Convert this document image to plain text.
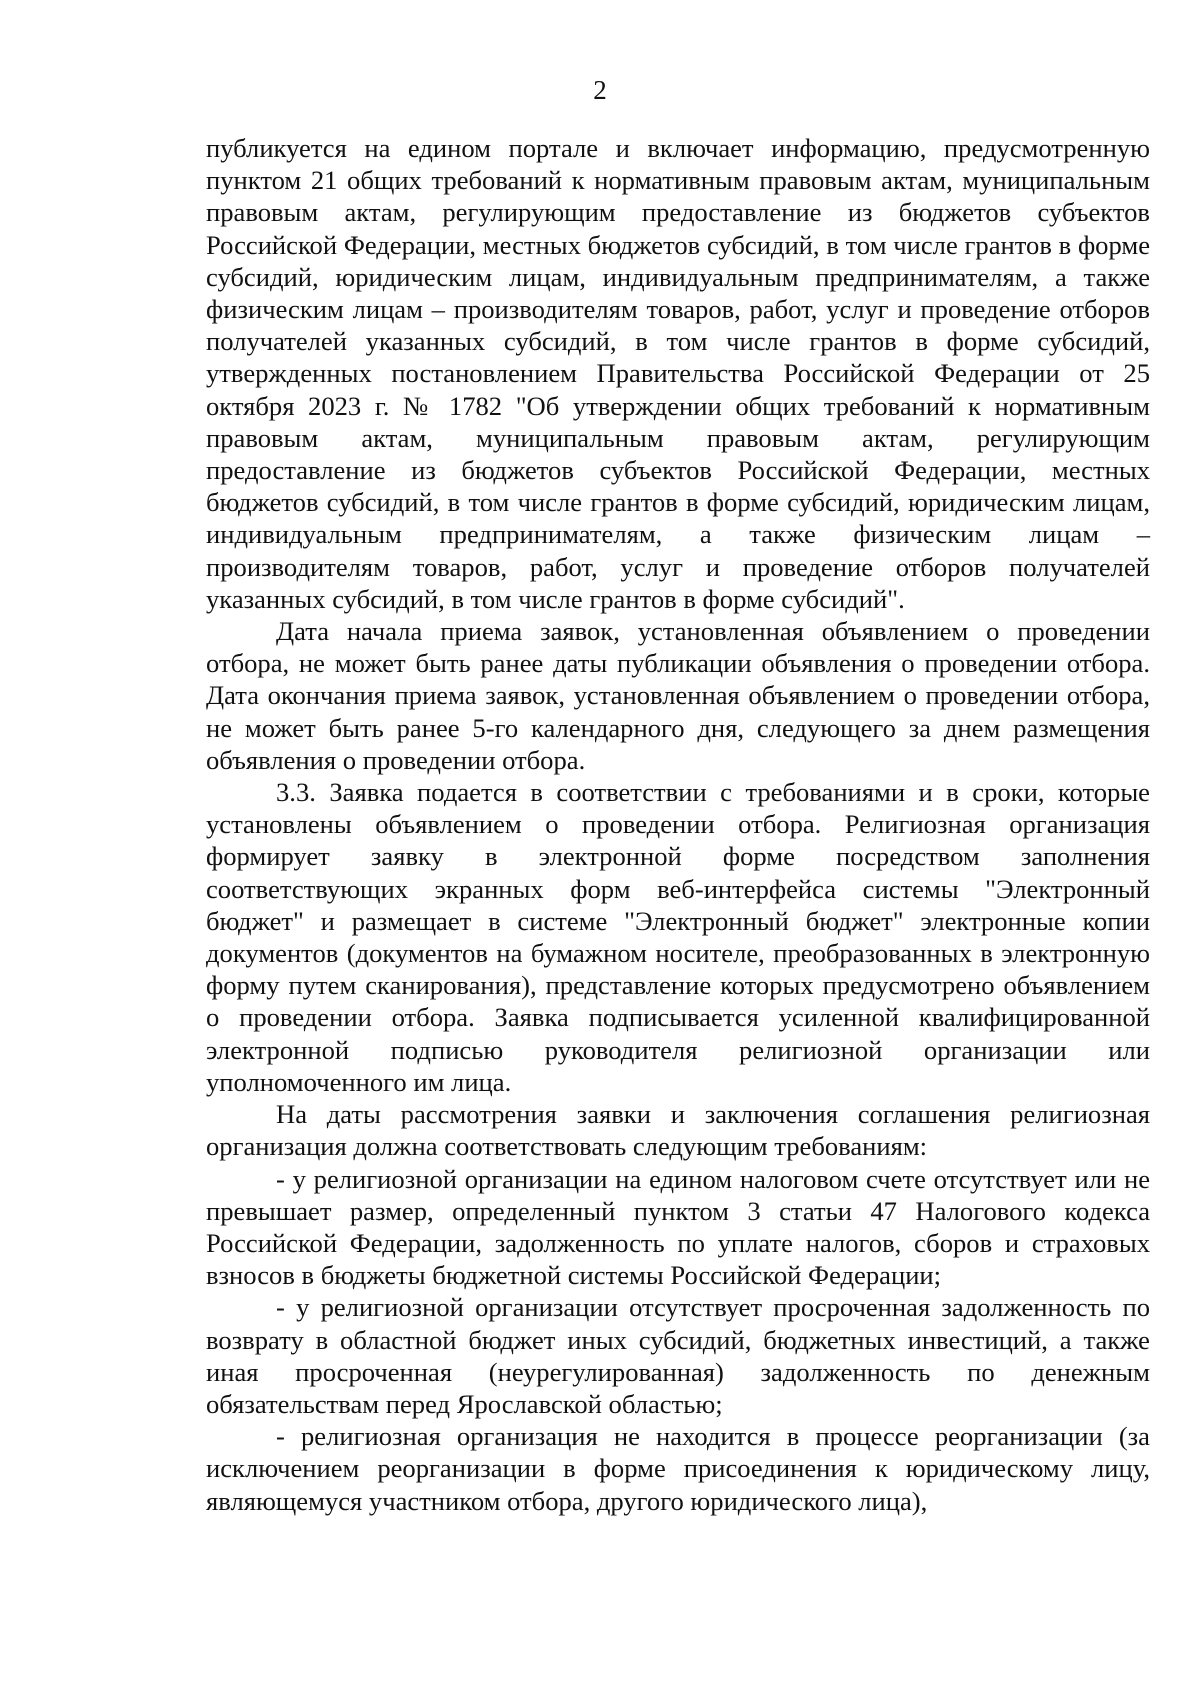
2

публикуется на едином портале и включает информацию, предусмотренную пунктом 21 общих требований к нормативным правовым актам, муниципальным правовым актам, регулирующим предоставление из бюджетов субъектов Российской Федерации, местных бюджетов субсидий, в том числе грантов в форме субсидий, юридическим лицам, индивидуальным предпринимателям, а также физическим лицам – производителям товаров, работ, услуг и проведение отборов получателей указанных субсидий, в том числе грантов в форме субсидий, утвержденных постановлением Правительства Российской Федерации от 25 октября 2023 г. № 1782 "Об утверждении общих требований к нормативным правовым актам, муниципальным правовым актам, регулирующим предоставление из бюджетов субъектов Российской Федерации, местных бюджетов субсидий, в том числе грантов в форме субсидий, юридическим лицам, индивидуальным предпринимателям, а также физическим лицам – производителям товаров, работ, услуг и проведение отборов получателей указанных субсидий, в том числе грантов в форме субсидий".

Дата начала приема заявок, установленная объявлением о проведении отбора, не может быть ранее даты публикации объявления о проведении отбора. Дата окончания приема заявок, установленная объявлением о проведении отбора, не может быть ранее 5-го календарного дня, следующего за днем размещения объявления о проведении отбора.

3.3. Заявка подается в соответствии с требованиями и в сроки, которые установлены объявлением о проведении отбора. Религиозная организация формирует заявку в электронной форме посредством заполнения соответствующих экранных форм веб-интерфейса системы "Электронный бюджет" и размещает в системе "Электронный бюджет" электронные копии документов (документов на бумажном носителе, преобразованных в электронную форму путем сканирования), представление которых предусмотрено объявлением о проведении отбора. Заявка подписывается усиленной квалифицированной электронной подписью руководителя религиозной организации или уполномоченного им лица.

На даты рассмотрения заявки и заключения соглашения религиозная организация должна соответствовать следующим требованиям:

- у религиозной организации на едином налоговом счете отсутствует или не превышает размер, определенный пунктом 3 статьи 47 Налогового кодекса Российской Федерации, задолженность по уплате налогов, сборов и страховых взносов в бюджеты бюджетной системы Российской Федерации;

- у религиозной организации отсутствует просроченная задолженность по возврату в областной бюджет иных субсидий, бюджетных инвестиций, а также иная просроченная (неурегулированная) задолженность по денежным обязательствам перед Ярославской областью;

- религиозная организация не находится в процессе реорганизации (за исключением реорганизации в форме присоединения к юридическому лицу, являющемуся участником отбора, другого юридического лица),
